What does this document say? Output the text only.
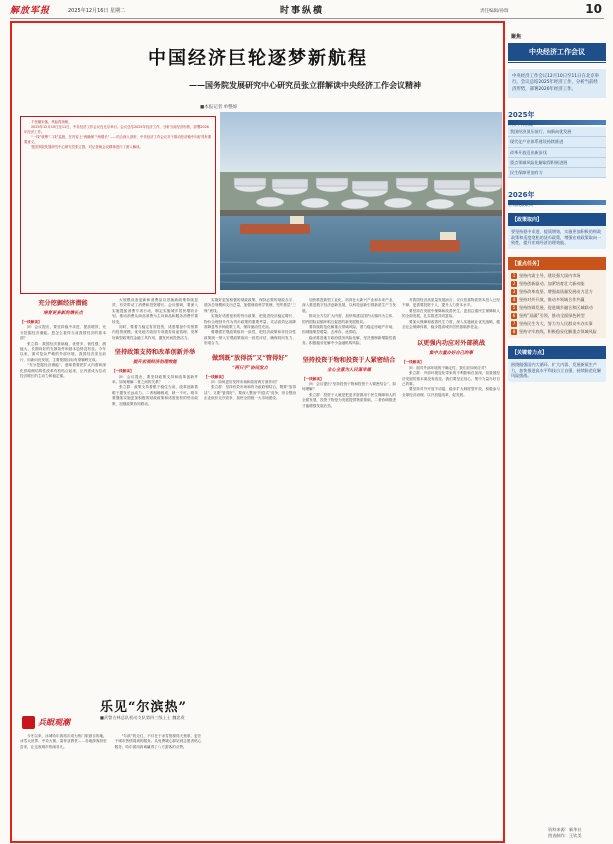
解放军报	2025年12月16日 星期二	时事纵横	责任编辑/孙瑞	10
中国经济巨轮逐梦新航程
——国务院发展研究中心研究员张立群解读中央经济工作会议精神
■本报记者 单整焯

千里潮未落，风起再扬帆。

2025年12月10日至11日，中央经济工作会议在北京举行。会议总结2025年经济工作，分析当前经济形势，部署2026年经济工作。

“一线”统筹“二线”监督，在内容上“两确保”“两增长”……结合深入剖析，中央经济工作会议对于推动经济稳中向好具有重要意义。

受国务院发展研究中心研究员张立群，对记者就会议精神进行了深入解读。

充分挖掘经济潜能
培育更多新的增长点

【一线解读】

问：会议提出，要坚持稳中求进、提质增效，充分挖掘经济潜能。您怎么看待当前我国经济的基本面？

张立群：我国经济基础稳、优势多、韧性强、潜能大，长期向好的支撑条件和基本趋势没有变。今年以来，面对复杂严峻的外部环境，我国经济顶压前行、向新向优发展，主要预期目标有望顺利完成。

“充分挖掘经济潜能”，意味着要把扩大内需和深化供给侧结构性改革有机结合起来，让内需成为拉动经济增长的主动力和稳定锚。

大规模设备更新和消费品以旧换新政策持续显效，有效带动了消费和投资增长。会议强调，要深入实施提振消费专项行动，制定实施城乡居民增收计划，推动消费从商品消费为主向商品和服务消费并重转变。

同时，要着力稳定有效投资，适度增加中央预算内投资规模，优化地方政府专项债券用途管理，发挥好新型政策性金融工具作用，激发民间投资活力。

坚持政策支持和改革创新并举
提升宏观经济治理效能

【一线解读】

问：会议提出，要坚持政策支持和改革创新并举。如何理解二者之间的关系？

张立群：政策支持着眼于稳住当前，改革创新着眼于激发长远动力。二者相辅相成，缺一不可。明年要继续实施更加积极的财政政策和适度宽松的货币政策，加强政策协同联动。

实施好更加积极的财政政策，保持必要的财政赤字、债务总规模和支出总量，加强财政科学管理，兜牢基层“三保”底线。

实施好适度宽松的货币政策，把促进经济稳定增长、物价合理回升作为货币政策的重要考量，灵活高效运用降准降息等多种政策工具，保持流动性充裕。

要增强宏观政策取向一致性，把经济政策和非经济性政策统一纳入宏观政策取向一致性评估，确保同向发力、形成合力。

做到既“放得活”又“管得好”
“两只手”协同发力

【一线解读】

问：如何更好发挥市场和政府两方面作用？

张立群：坚持有效市场和有为政府相结合，既要“放得活”，又要“管得好”。要深入整治“内卷式”竞争，综合整治企业低价无序竞争，加快全国统一大市场建设。

加快推进新型工业化，培育壮大新兴产业和未来产业，深入推进数字经济创新发展，以科技创新引领新质生产力发展。

推动全方位扩大内需，加快构建以国内大循环为主体、国内国际双循环相互促进的新发展格局。

要持续防范化解重点领域风险，着力稳定房地产市场，因城施策控增量、去库存、优供给。

稳妥推进地方政府债务风险化解，坚决遏制新增隐性债务。积极稳妥化解中小金融机构风险。

坚持投资于物和投资于人紧密结合
全心全意为人民谋幸福

【一线解读】

问：会议提出“坚持投资于物和投资于人紧密结合”，如何理解？

张立群：投资于人就是把更多资源用于民生保障和人的全面发展，投资于物是为发展提供物质基础，二者协调推进才能增强发展后劲。

对我国经济高质量发展而言，仅仅依靠物质资本投入已经不够，更需要投资于人、提升人力资本水平。

要坚持在发展中保障和改善民生，更加注重民生保障和人的全面发展，扎实推进共同富裕。

要加大保障和改善民生力度，深入实施就业优先战略，健全社会保障体系，稳步提高城乡居民基础养老金。

以更强内功应对外部挑战
集中力量办好自己的事

【一线解读】

问：面对外部环境的不确定性，我们应如何应对？

张立群：外部环境变化带来的不利影响在加深，但我国经济发展的基本面没有改变。我们要坚定信心，集中力量办好自己的事。

要坚持对外开放不动摇，稳步扩大制度型开放，积极参与全球经济治理，以开放促改革、促发展。

乐见“尔滨热”
■武警吉林总队机动支队第四三级上士 魏忠贵
兵眼观潮

今冬以来，冰城哈尔滨再次成为热门旅游目的地。冰雪大世界、中央大街、索菲亚教堂……各地游客纷至沓来，让这座城市热闹非凡。

“尔滨”的走红，不仅在于冰雪资源得天独厚，更在于城市热情周到的服务。从免费暖心驿站到志愿者贴心服务，哈尔滨用真诚赢得了八方游客的点赞。

聚焦
中央经济工作会议
中央经济工作会议12月10日至11日在北京举行。会议总结2025年经济工作，分析当前经济形势，部署2026年经济工作。
2025年
经济工作回顾
我国经济顶压前行、向新向优发展
现代化产业体系建设持续推进
改革开放迈出新步伐
重点领域风险化解取得积极进展
民生保障更加有力
2026年
宏观政策取向
【政策取向】
要坚持稳中求进、提质增效，实施更加积极的财政政策和适度宽松的货币政策，增强宏观政策取向一致性，提升宏观经济治理效能。
【重点任务】
1 坚持内需主导，建设强大国内市场
2 坚持创新驱动，加紧培育壮大新动能
3 坚持改革攻坚，增强高质量发展动力活力
4 坚持对外开放，推动多领域合作共赢
5 坚持协调发展，促进城乡融合和区域联动
6 坚持“双碳”引领，推动全面绿色转型
7 坚持民生为大，努力为人民群众多办实事
8 坚持守牢底线，积极稳妥化解重点领域风险
【关键着力点】
围绕做强国内大循环、扩大内需、发展新质生产力，加快推进高水平科技自立自强，持续防范化解风险挑战。
资料来源：新华社
图表制作：王钦美
